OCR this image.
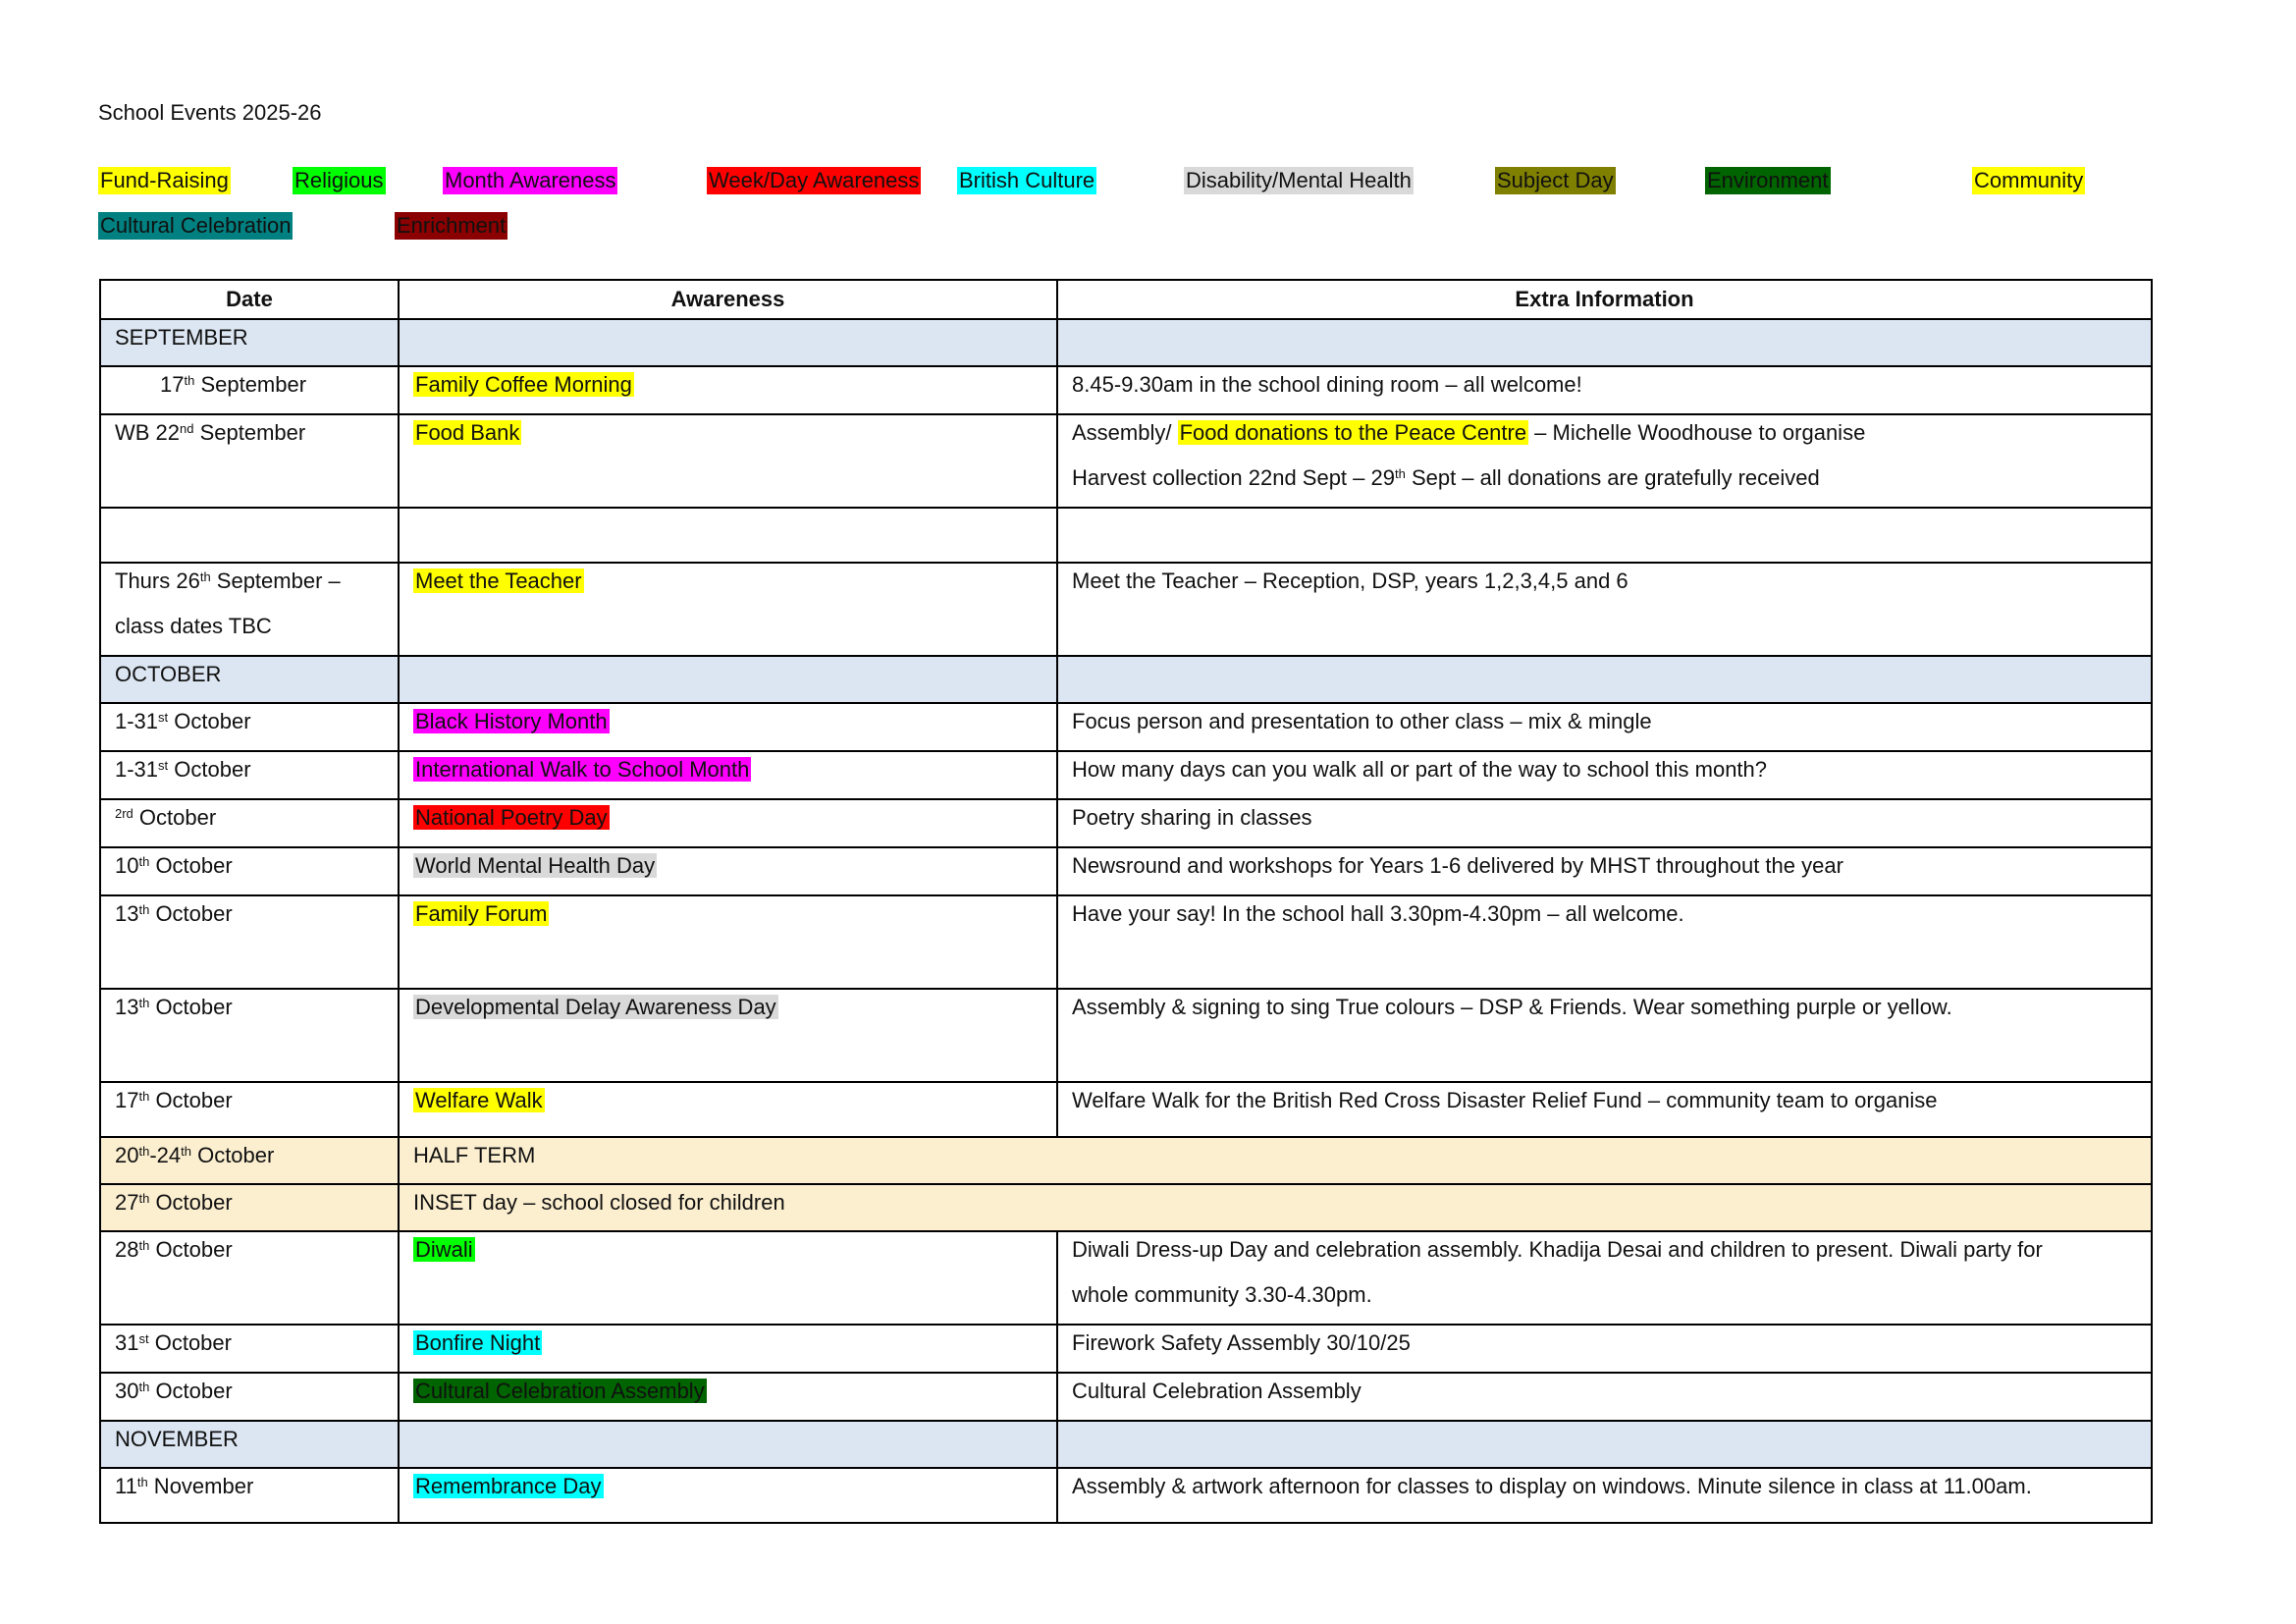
School Events 2025-26
Fund-Raising	Religious	Month Awareness	Week/Day Awareness British Culture	Disability/Mental Health	Subject Day	Environment	Community
Cultural Celebration	Enrichment
Date	Awareness	Extra Information
SEPTEMBER		
17th September	Family Coffee Morning	8.45-9.30am in the school dining room – all welcome!
WB 22nd September	Food Bank	Assembly/ Food donations to the Peace Centre – Michelle Woodhouse to organise
Harvest collection 22nd Sept – 29th Sept – all donations are gratefully received

Thurs 26th September –
class dates TBC	Meet the Teacher	Meet the Teacher – Reception, DSP, years 1,2,3,4,5 and 6
OCTOBER		
1-31st October	Black History Month	Focus person and presentation to other class – mix & mingle
1-31st October	International Walk to School Month	How many days can you walk all or part of the way to school this month?
$^{2rd}$ October	National Poetry Day	Poetry sharing in classes
10th October	World Mental Health Day	Newsround and workshops for Years 1-6 delivered by MHST throughout the year
13th October	Family Forum	Have your say! In the school hall 3.30pm-4.30pm – all welcome.
13th October	Developmental Delay Awareness Day	Assembly & signing to sing True colours – DSP & Friends. Wear something purple or yellow.
17th October	Welfare Walk	Welfare Walk for the British Red Cross Disaster Relief Fund – community team to organise
20th-24th October	HALF TERM	
27th October	INSET day – school closed for children	
28th October	Diwali	Diwali Dress-up Day and celebration assembly. Khadija Desai and children to present. Diwali party for
whole community 3.30-4.30pm.

31st October	Bonfire Night	Firework Safety Assembly 30/10/25
30th October	Cultural Celebration Assembly	Cultural Celebration Assembly
NOVEMBER		
11th November	Remembrance Day	Assembly & artwork afternoon for classes to display on windows. Minute silence in class at 11.00am.
